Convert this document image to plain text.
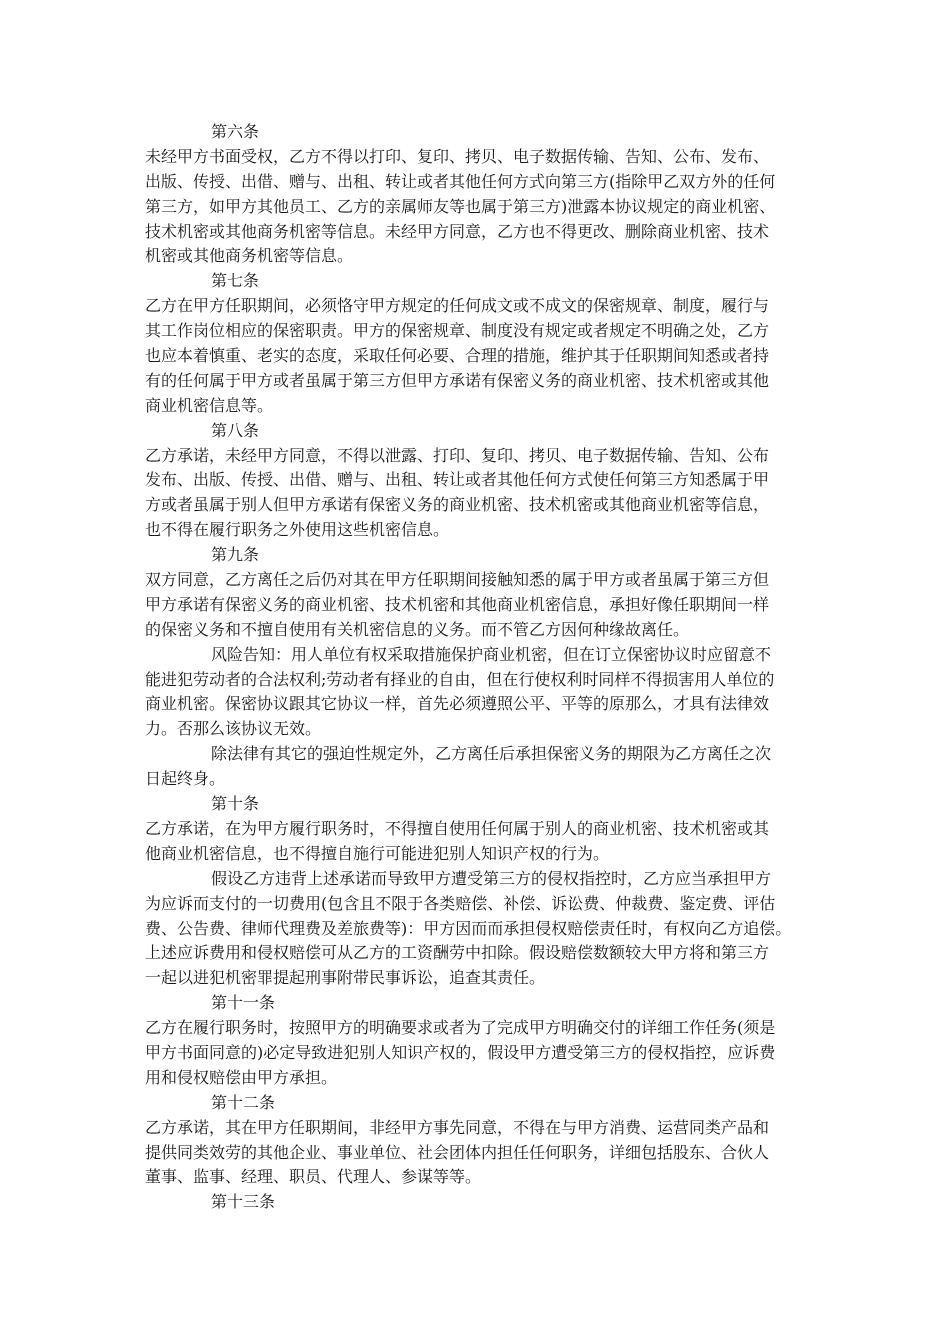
第六条
未经甲方书面受权，乙方不得以打印、复印、拷贝、电子数据传输、告知、公布、发布、
出版、传授、出借、赠与、出租、转让或者其他任何方式向第三方(指除甲乙双方外的任何
第三方，如甲方其他员工、乙方的亲属师友等也属于第三方)泄露本协议规定的商业机密、
技术机密或其他商务机密等信息。未经甲方同意，乙方也不得更改、删除商业机密、技术
机密或其他商务机密等信息。
第七条
乙方在甲方任职期间，必须恪守甲方规定的任何成文或不成文的保密规章、制度，履行与
其工作岗位相应的保密职责。甲方的保密规章、制度没有规定或者规定不明确之处，乙方
也应本着慎重、老实的态度，采取任何必要、合理的措施，维护其于任职期间知悉或者持
有的任何属于甲方或者虽属于第三方但甲方承诺有保密义务的商业机密、技术机密或其他
商业机密信息等。
第八条
乙方承诺，未经甲方同意，不得以泄露、打印、复印、拷贝、电子数据传输、告知、公布
发布、出版、传授、出借、赠与、出租、转让或者其他任何方式使任何第三方知悉属于甲
方或者虽属于别人但甲方承诺有保密义务的商业机密、技术机密或其他商业机密等信息，
也不得在履行职务之外使用这些机密信息。
第九条
双方同意，乙方离任之后仍对其在甲方任职期间接触知悉的属于甲方或者虽属于第三方但
甲方承诺有保密义务的商业机密、技术机密和其他商业机密信息，承担好像任职期间一样
的保密义务和不擅自使用有关机密信息的义务。而不管乙方因何种缘故离任。
风险告知：用人单位有权采取措施保护商业机密，但在订立保密协议时应留意不
能进犯劳动者的合法权利;劳动者有择业的自由，但在行使权利时同样不得损害用人单位的
商业机密。保密协议跟其它协议一样，首先必须遵照公平、平等的原那么，才具有法律效
力。否那么该协议无效。
除法律有其它的强迫性规定外，乙方离任后承担保密义务的期限为乙方离任之次
日起终身。
第十条
乙方承诺，在为甲方履行职务时，不得擅自使用任何属于别人的商业机密、技术机密或其
他商业机密信息，也不得擅自施行可能进犯别人知识产权的行为。
假设乙方违背上述承诺而导致甲方遭受第三方的侵权指控时，乙方应当承担甲方
为应诉而支付的一切费用(包含且不限于各类赔偿、补偿、诉讼费、仲裁费、鉴定费、评估
费、公告费、律师代理费及差旅费等)：甲方因而而承担侵权赔偿责任时，有权向乙方追偿。
上述应诉费用和侵权赔偿可从乙方的工资酬劳中扣除。假设赔偿数额较大甲方将和第三方
一起以进犯机密罪提起刑事附带民事诉讼，追查其责任。
第十一条
乙方在履行职务时，按照甲方的明确要求或者为了完成甲方明确交付的详细工作任务(须是
甲方书面同意的)必定导致进犯别人知识产权的，假设甲方遭受第三方的侵权指控，应诉费
用和侵权赔偿由甲方承担。
第十二条
乙方承诺，其在甲方任职期间，非经甲方事先同意，不得在与甲方消费、运营同类产品和
提供同类效劳的其他企业、事业单位、社会团体内担任任何职务，详细包括股东、合伙人
董事、监事、经理、职员、代理人、参谋等等。
第十三条
